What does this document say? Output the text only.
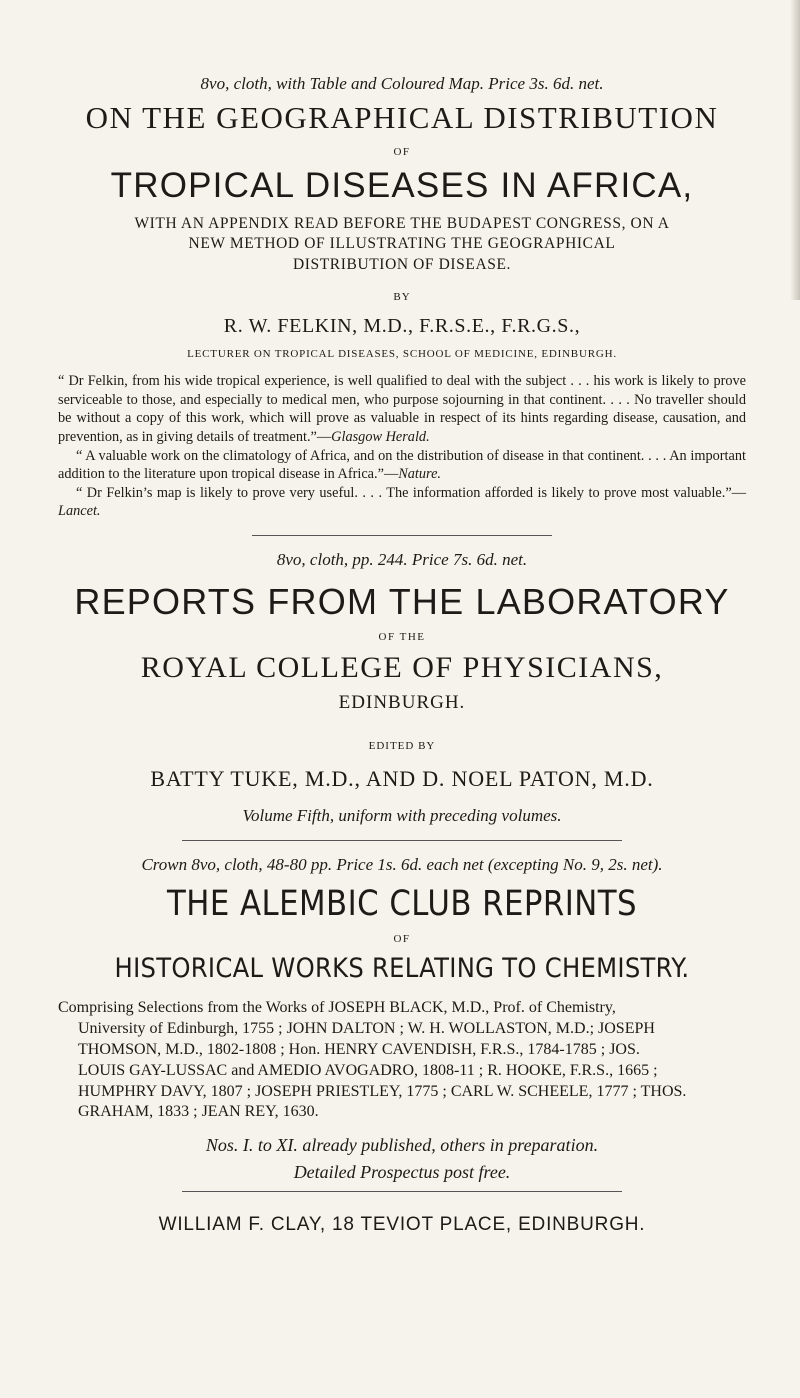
8vo, cloth, with Table and Coloured Map. Price 3s. 6d. net.

ON THE GEOGRAPHICAL DISTRIBUTION

OF

TROPICAL DISEASES IN AFRICA,

WITH AN APPENDIX READ BEFORE THE BUDAPEST CONGRESS, ON A
NEW METHOD OF ILLUSTRATING THE GEOGRAPHICAL
DISTRIBUTION OF DISEASE.

BY

R. W. FELKIN, M.D., F.R.S.E., F.R.G.S.,

LECTURER ON TROPICAL DISEASES, SCHOOL OF MEDICINE, EDINBURGH.

“ Dr Felkin, from his wide tropical experience, is well qualified to deal with the subject . . . his work is likely to prove serviceable to those, and especially to medical men, who purpose sojourning in that continent. . . . No traveller should be without a copy of this work, which will prove as valuable in respect of its hints regarding disease, causation, and prevention, as in giving details of treatment.”—Glasgow Herald.

“ A valuable work on the climatology of Africa, and on the distribution of disease in that continent. . . . An important addition to the literature upon tropical disease in Africa.”—Nature.

“ Dr Felkin’s map is likely to prove very useful. . . . The information afforded is likely to prove most valuable.”—Lancet.

8vo, cloth, pp. 244. Price 7s. 6d. net.

REPORTS FROM THE LABORATORY

OF THE

ROYAL COLLEGE OF PHYSICIANS,

EDINBURGH.

EDITED BY

BATTY TUKE, M.D., AND D. NOEL PATON, M.D.

Volume Fifth, uniform with preceding volumes.

Crown 8vo, cloth, 48-80 pp. Price 1s. 6d. each net (excepting No. 9, 2s. net).

THE ALEMBIC CLUB REPRINTS

OF

HISTORICAL WORKS RELATING TO CHEMISTRY.

Comprising Selections from the Works of JOSEPH BLACK, M.D., Prof. of Chemistry,
University of Edinburgh, 1755 ; JOHN DALTON ; W. H. WOLLASTON, M.D.; JOSEPH
THOMSON, M.D., 1802-1808 ; Hon. HENRY CAVENDISH, F.R.S., 1784-1785 ; JOS.
LOUIS GAY-LUSSAC and AMEDIO AVOGADRO, 1808-11 ; R. HOOKE, F.R.S., 1665 ;
HUMPHRY DAVY, 1807 ; JOSEPH PRIESTLEY, 1775 ; CARL W. SCHEELE, 1777 ; THOS.
GRAHAM, 1833 ; JEAN REY, 1630.

Nos. I. to XI. already published, others in preparation.

Detailed Prospectus post free.

WILLIAM F. CLAY, 18 TEVIOT PLACE, EDINBURGH.
